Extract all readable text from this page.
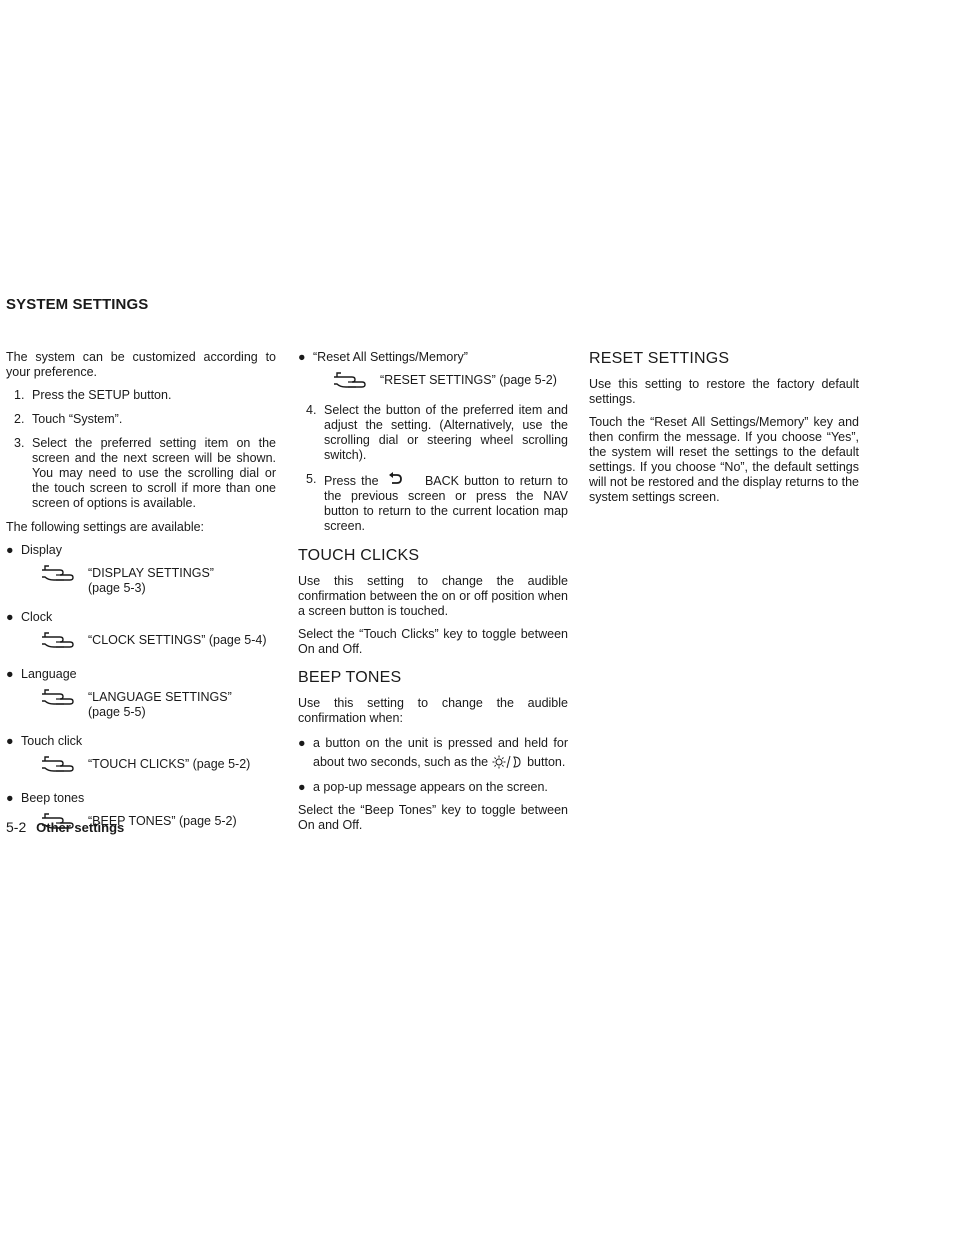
SYSTEM SETTINGS

The system can be customized according to your preference.

1. Press the SETUP button.
2. Touch “System”.
3. Select the preferred setting item on the screen and the next screen will be shown. You may need to use the scrolling dial or the touch screen to scroll if more than one screen of options is available.

The following settings are available:

● Display
“DISPLAY SETTINGS” (page 5-3)
● Clock
“CLOCK SETTINGS” (page 5-4)
● Language
“LANGUAGE SETTINGS” (page 5-5)
● Touch click
“TOUCH CLICKS” (page 5-2)
● Beep tones
“BEEP TONES” (page 5-2)
● “Reset All Settings/Memory”
“RESET SETTINGS” (page 5-2)
4. Select the button of the preferred item and adjust the setting. (Alternatively, use the scrolling dial or steering wheel scrolling switch).
5. Press the	BACK button to return to the previous screen or press the NAV button to return to the current location map screen.
TOUCH CLICKS

Use this setting to change the audible confirmation between the on or off position when a screen button is touched.

Select the “Touch Clicks” key to toggle between On and Off.

BEEP TONES

Use this setting to change the audible confirmation when:

● a button on the unit is pressed and held for about two seconds, such as the	button.
● a pop-up message appears on the screen.

Select the “Beep Tones” key to toggle between On and Off.

RESET SETTINGS

Use this setting to restore the factory default settings.

Touch the “Reset All Settings/Memory” key and then confirm the message. If you choose “Yes”, the system will reset the settings to the default settings. If you choose “No”, the default settings will not be restored and the display returns to the system settings screen.

5-2 Other settings
